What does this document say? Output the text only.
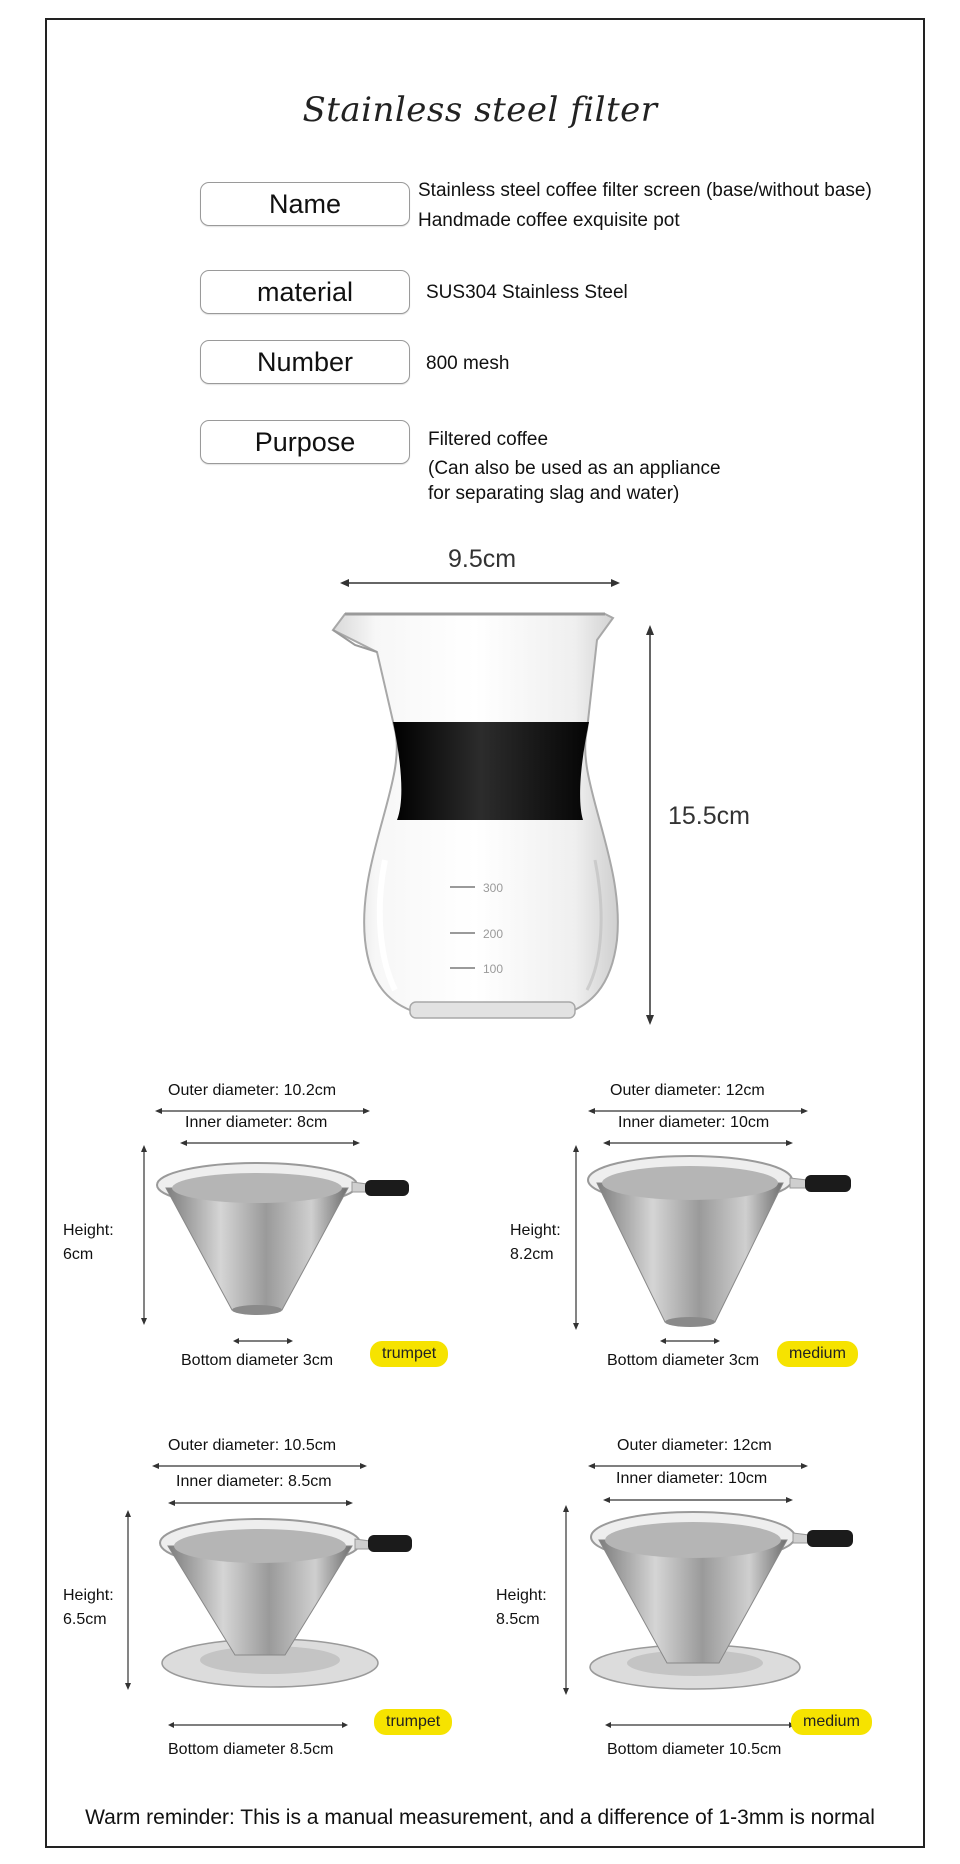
Stainless steel filter
Name	Stainless steel coffee filter screen (base/without base)
Handmade coffee exquisite pot
material	SUS304 Stainless Steel
Number	800 mesh
Purpose	Filtered coffee
(Can also be used as an appliance
for separating slag and water)
9.5cm
15.5cm
300
200
100
Outer diameter: 10.2cm
Inner diameter: 8cm
Height:
6cm
Bottom diameter 3cm	trumpet
Outer diameter: 12cm
Inner diameter: 10cm
Height:
8.2cm
Bottom diameter 3cm	medium
Outer diameter: 10.5cm
Inner diameter: 8.5cm
Height:
6.5cm
Bottom diameter 8.5cm
trumpet
Outer diameter: 12cm
Inner diameter: 10cm
Height:
8.5cm
Bottom diameter 10.5cm
medium
Warm reminder: This is a manual measurement, and a difference of 1-3mm is normal
